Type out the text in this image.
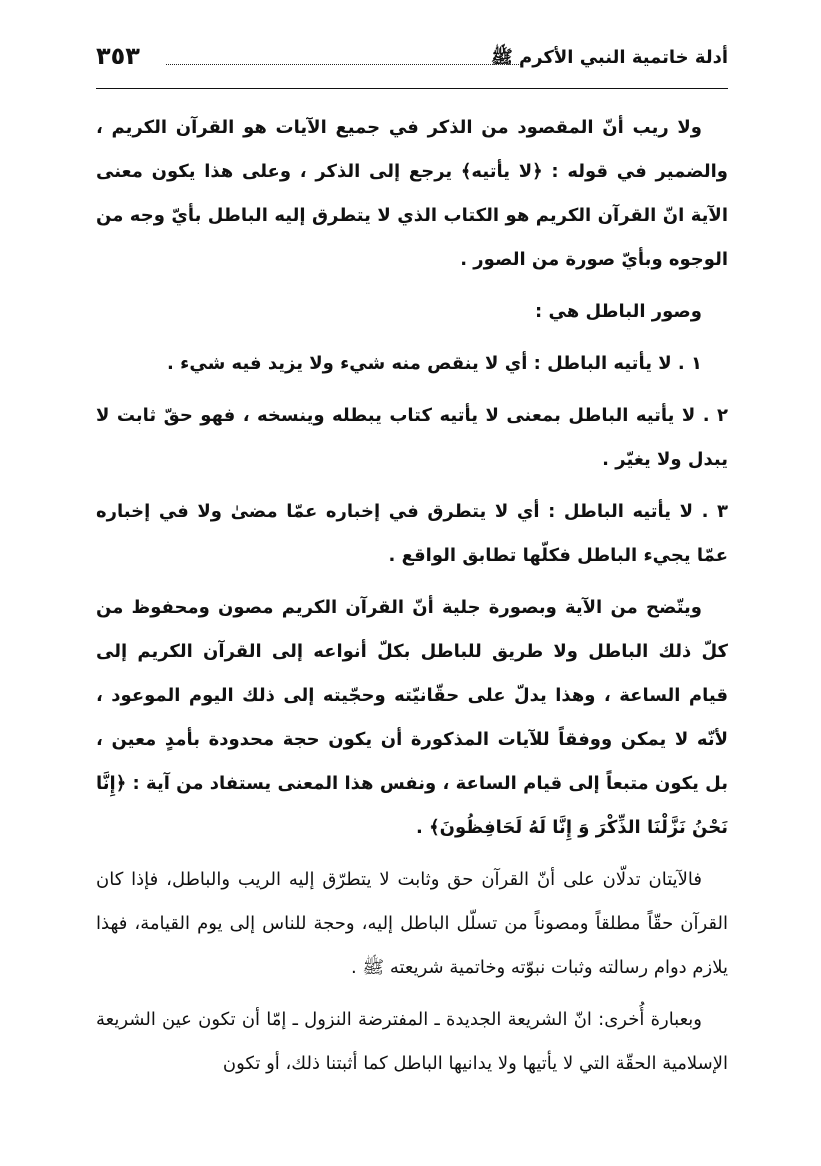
أدلة خاتمية النبي الأكرم ﷺ
٣٥٣

ولا ريب أنّ المقصود من الذكر في جميع الآيات هو القرآن الكريم ، والضمير في قوله : ﴿لا يأتيه﴾ يرجع إلى الذكر ، وعلى هذا يكون معنى الآية انّ القرآن الكريم هو الكتاب الذي لا يتطرق إليه الباطل بأيّ وجه من الوجوه وبأيّ صورة من الصور .

وصور الباطل هي :

١ . لا يأتيه الباطل : أي لا ينقص منه شيء ولا يزيد فيه شيء .

٢ . لا يأتيه الباطل بمعنى لا يأتيه كتاب يبطله وينسخه ، فهو حقّ ثابت لا يبدل ولا يغيّر .

٣ . لا يأتيه الباطل : أي لا يتطرق في إخباره عمّا مضىٰ ولا في إخباره عمّا يجيء الباطل فكلّها تطابق الواقع .

ويتّضح من الآية وبصورة جلية أنّ القرآن الكريم مصون ومحفوظ من كلّ ذلك الباطل ولا طريق للباطل بكلّ أنواعه إلى القرآن الكريم إلى قيام الساعة ، وهذا يدلّ على حقّانيّته وحجّيته إلى ذلك اليوم الموعود ، لأنّه لا يمكن ووفقاً للآيات المذكورة أن يكون حجة محدودة بأمدٍ معين ، بل يكون متبعاً إلى قيام الساعة ، ونفس هذا المعنى يستفاد من آية : ﴿إِنَّا نَحْنُ نَزَّلْنَا الذِّكْرَ وَ إِنَّا لَهُ لَحَافِظُونَ﴾ .

فالآيتان تدلّان على أنّ القرآن حق وثابت لا يتطرّق إليه الريب والباطل، فإذا كان القرآن حقّاً مطلقاً ومصوناً من تسلّل الباطل إليه، وحجة للناس إلى يوم القيامة، فهذا يلازم دوام رسالته وثبات نبوّته وخاتمية شريعته ﷺ .

وبعبارة أُخرى: انّ الشريعة الجديدة ـ المفترضة النزول ـ إمّا أن تكون عين الشريعة الإسلامية الحقّة التي لا يأتيها ولا يدانيها الباطل كما أثبتنا ذلك، أو تكون
